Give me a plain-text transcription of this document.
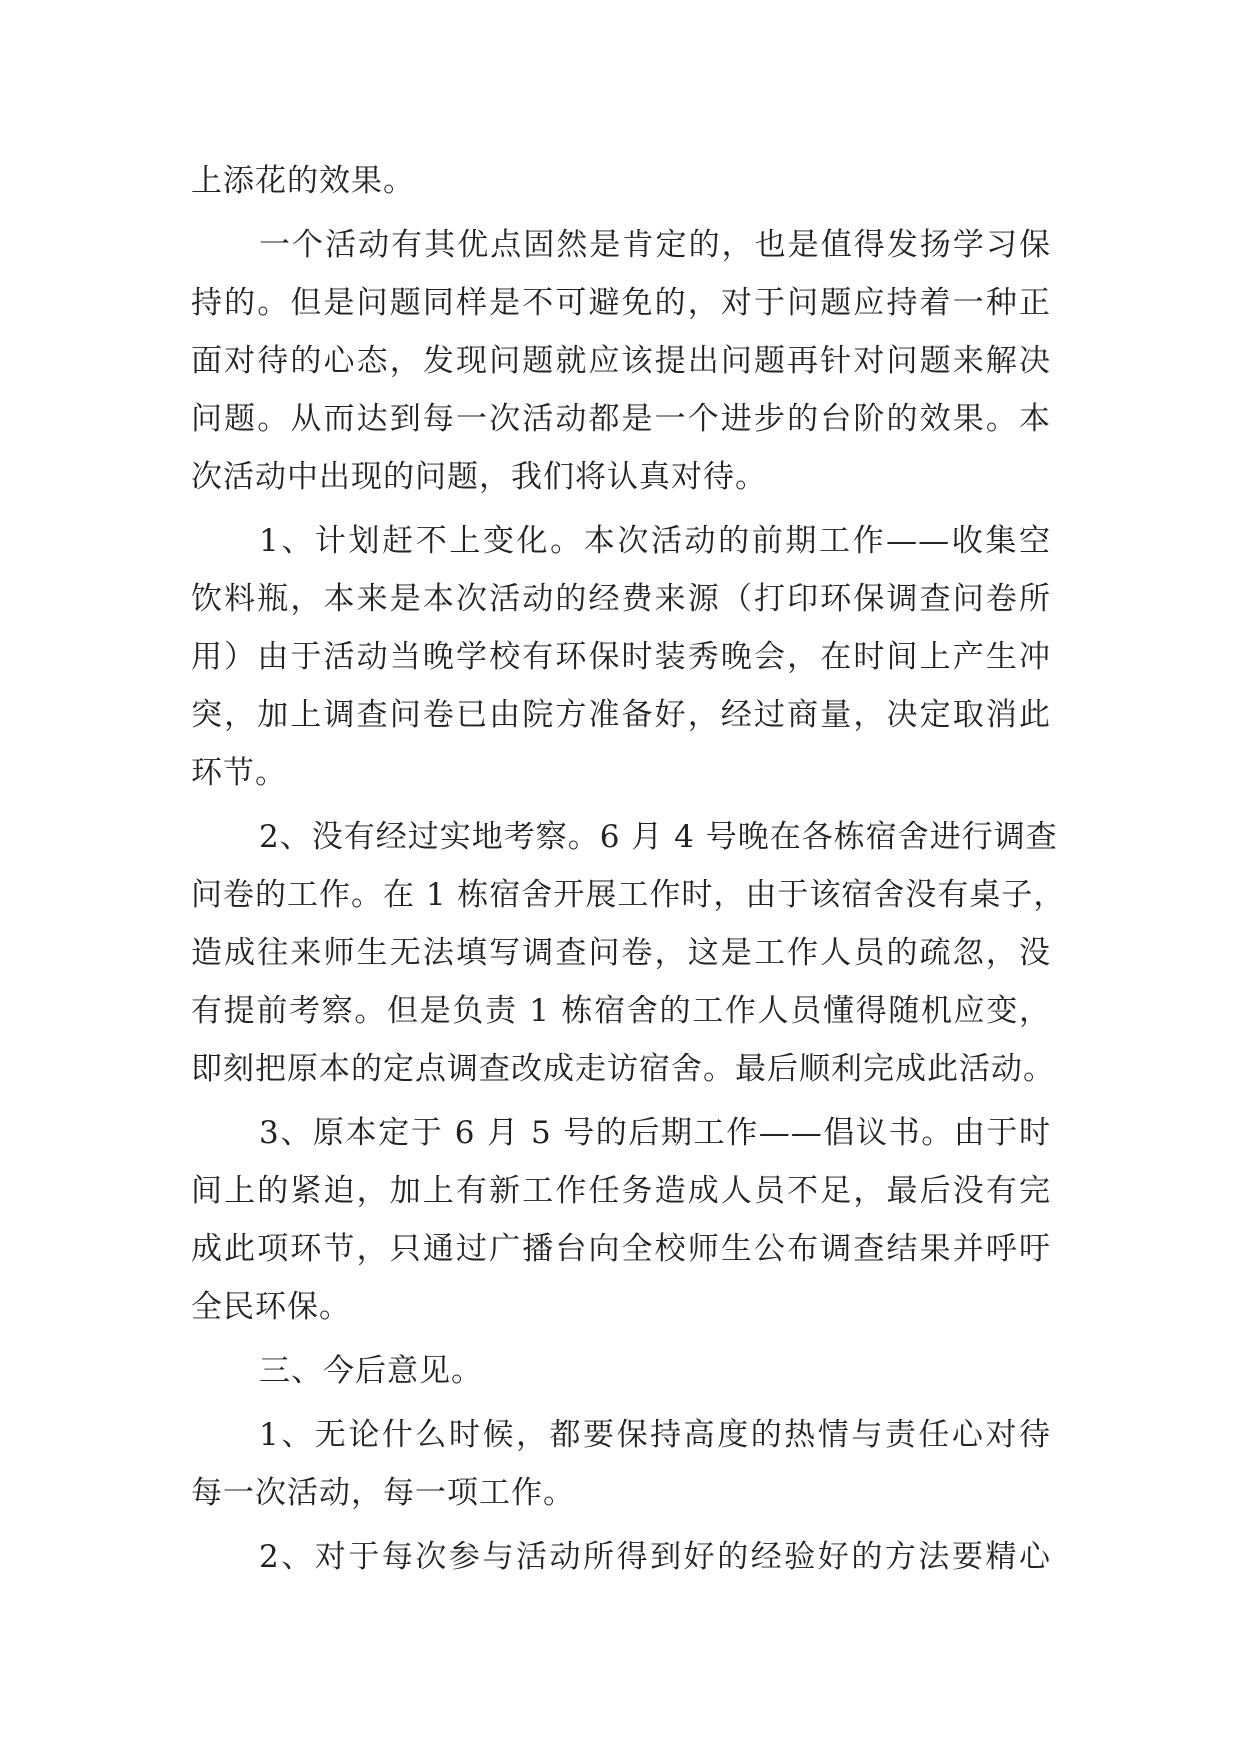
上添花的效果。
一个活动有其优点固然是肯定的，也是值得发扬学习保
持的。但是问题同样是不可避免的，对于问题应持着一种正
面对待的心态，发现问题就应该提出问题再针对问题来解决
问题。从而达到每一次活动都是一个进步的台阶的效果。本
次活动中出现的问题，我们将认真对待。
1、计划赶不上变化。本次活动的前期工作——收集空
饮料瓶，本来是本次活动的经费来源（打印环保调查问卷所
用）由于活动当晚学校有环保时装秀晚会，在时间上产生冲
突，加上调查问卷已由院方准备好，经过商量，决定取消此
环节。
2、没有经过实地考察。6 月 4 号晚在各栋宿舍进行调查
问卷的工作。在 1 栋宿舍开展工作时，由于该宿舍没有桌子，
造成往来师生无法填写调查问卷，这是工作人员的疏忽，没
有提前考察。但是负责 1 栋宿舍的工作人员懂得随机应变，
即刻把原本的定点调查改成走访宿舍。最后顺利完成此活动。
3、原本定于 6 月 5 号的后期工作——倡议书。由于时
间上的紧迫，加上有新工作任务造成人员不足，最后没有完
成此项环节，只通过广播台向全校师生公布调查结果并呼吁
全民环保。
三、今后意见。
1、无论什么时候，都要保持高度的热情与责任心对待
每一次活动，每一项工作。
2、对于每次参与活动所得到好的经验好的方法要精心
